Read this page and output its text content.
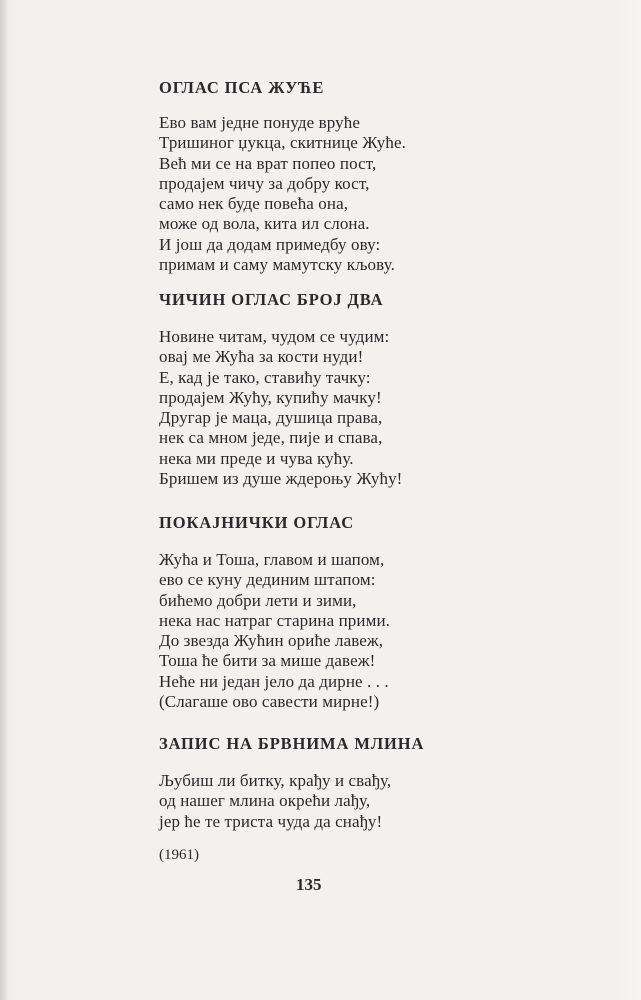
ОГЛАС ПСА ЖУЋЕ
Ево вам једне понуде вруће
Тришиног џукца, скитнице Жуће.
Већ ми се на врат попео пост,
продајем чичу за добру кост,
само нек буде повећа она,
може од вола, кита ил слона.
И још да додам примедбу ову:
примам и саму мамутску кљову.
ЧИЧИН ОГЛАС БРОЈ ДВА
Новине читам, чудом се чудим:
овај ме Жућа за кости нуди!
Е, кад је тако, ставићу тачку:
продајем Жућу, купићу мачку!
Другар је маца, душица права,
нек са мном једе, пије и спава,
нека ми преде и чува кућу.
Бришем из душе ждероњу Жућу!
ПОКАЈНИЧКИ ОГЛАС
Жућа и Тоша, главом и шапом,
ево се куну дединим штапом:
бићемо добри лети и зими,
нека нас натраг старина прими.
До звезда Жућин ориће лавеж,
Тоша ће бити за мише давеж!
Неће ни један јело да дирне . . .
(Слагаше ово савести мирне!)
ЗАПИС НА БРВНИМА МЛИНА
Љубиш ли битку, крађу и свађу,
од нашег млина окрећи лађу,
јер ће те триста чуда да снађу!
(1961)
135
